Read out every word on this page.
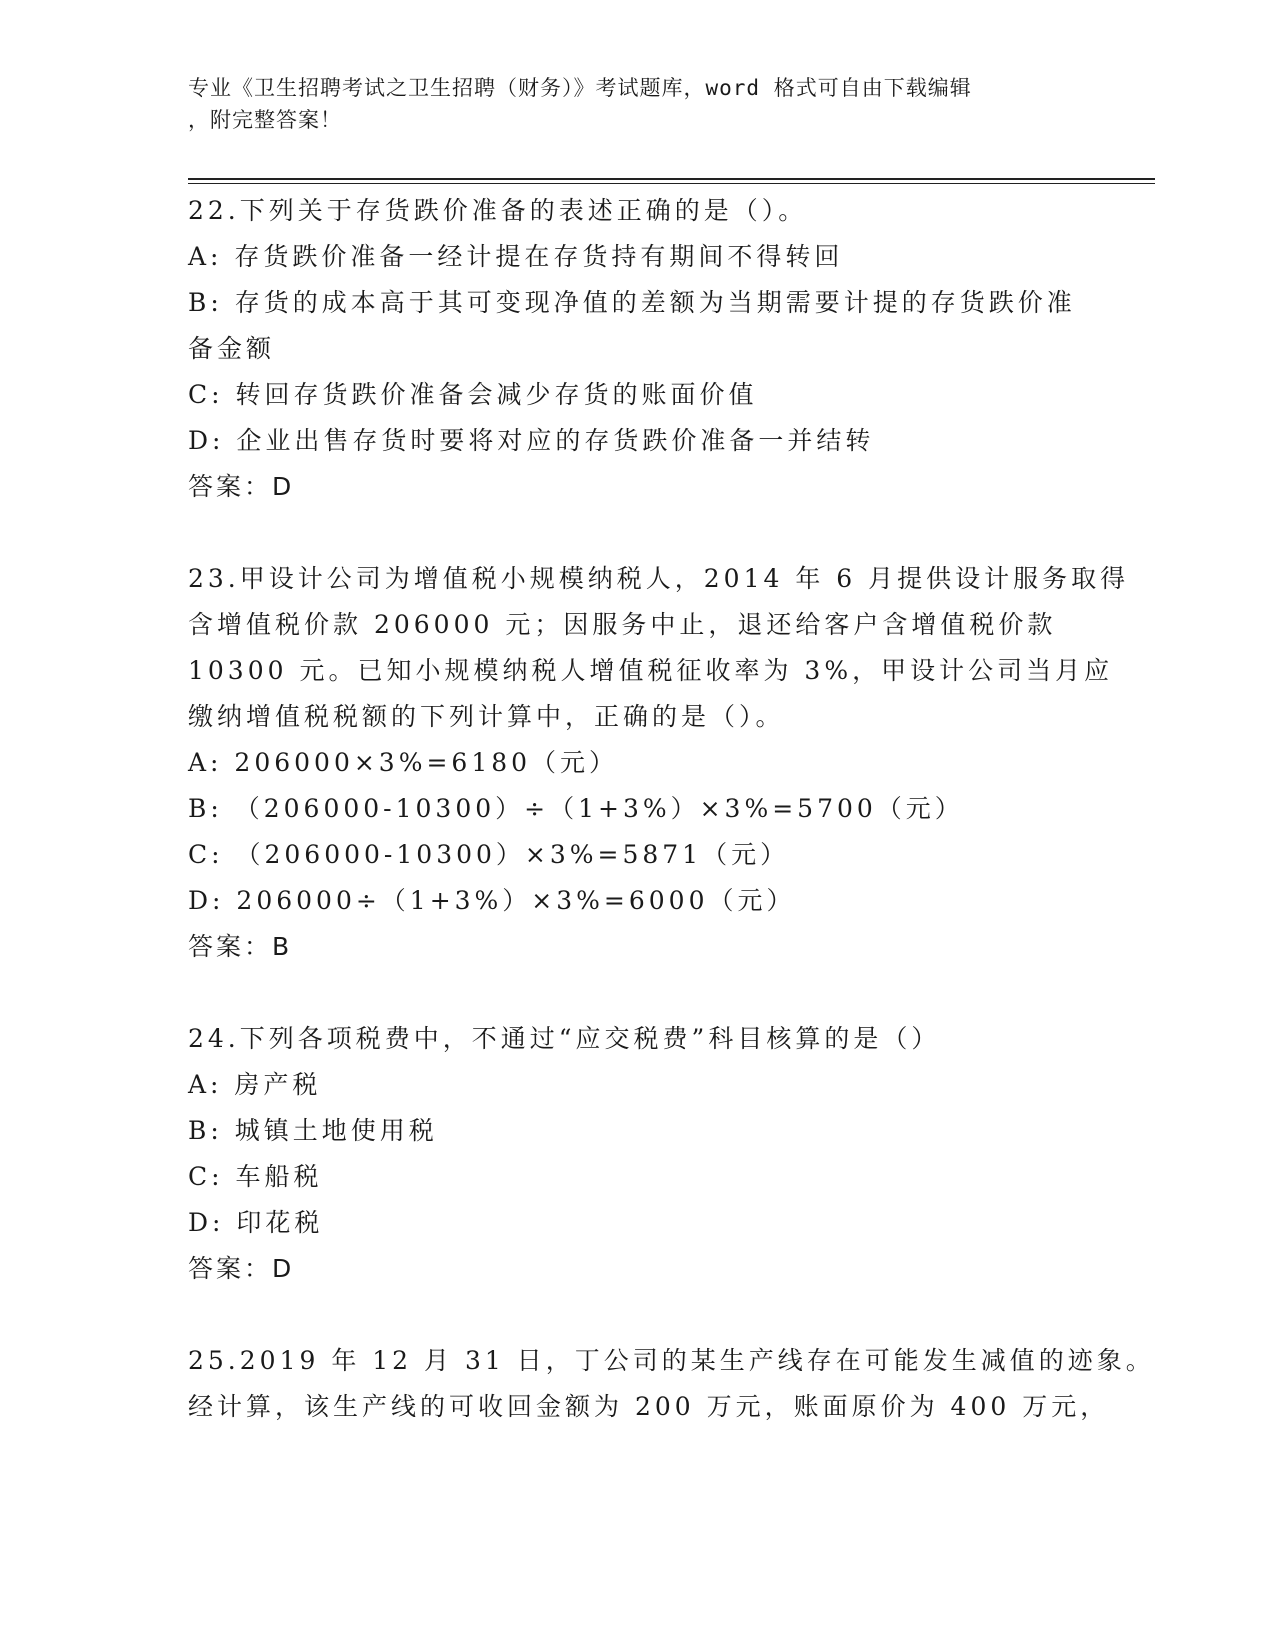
专业《卫生招聘考试之卫生招聘（财务）》考试题库，word 格式可自由下载编辑
，附完整答案！
22.下列关于存货跌价准备的表述正确的是（）。
A: 存货跌价准备一经计提在存货持有期间不得转回
B: 存货的成本高于其可变现净值的差额为当期需要计提的存货跌价准
备金额
C: 转回存货跌价准备会减少存货的账面价值
D: 企业出售存货时要将对应的存货跌价准备一并结转
答案：D
23.甲设计公司为增值税小规模纳税人，2014 年 6 月提供设计服务取得
含增值税价款 206000 元；因服务中止，退还给客户含增值税价款
10300 元。已知小规模纳税人增值税征收率为 3%，甲设计公司当月应
缴纳增值税税额的下列计算中，正确的是（）。
A: 206000×3%=6180（元）
B: （206000-10300）÷（1+3%）×3%=5700（元）
C: （206000-10300）×3%=5871（元）
D: 206000÷（1+3%）×3%=6000（元）
答案：B
24.下列各项税费中，不通过“应交税费”科目核算的是（）
A: 房产税
B: 城镇土地使用税
C: 车船税
D: 印花税
答案：D
25.2019 年 12 月 31 日，丁公司的某生产线存在可能发生减值的迹象。
经计算，该生产线的可收回金额为 200 万元，账面原价为 400 万元，
